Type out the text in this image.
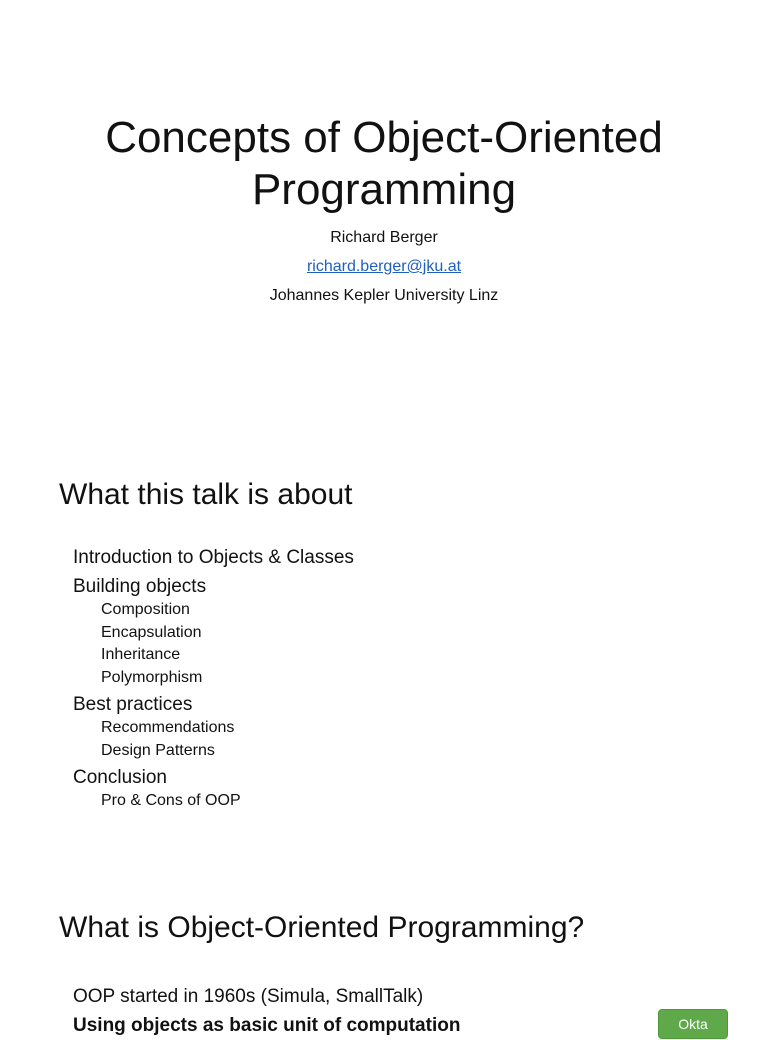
Concepts of Object-Oriented
Programming
Richard Berger
richard.berger@jku.at
Johannes Kepler University Linz
What this talk is about
Introduction to Objects & Classes
Building objects
Composition
Encapsulation
Inheritance
Polymorphism
Best practices
Recommendations
Design Patterns
Conclusion
Pro & Cons of OOP
What is Object-Oriented Programming?
OOP started in 1960s (Simula, SmallTalk)
Using objects as basic unit of computation	Okta
